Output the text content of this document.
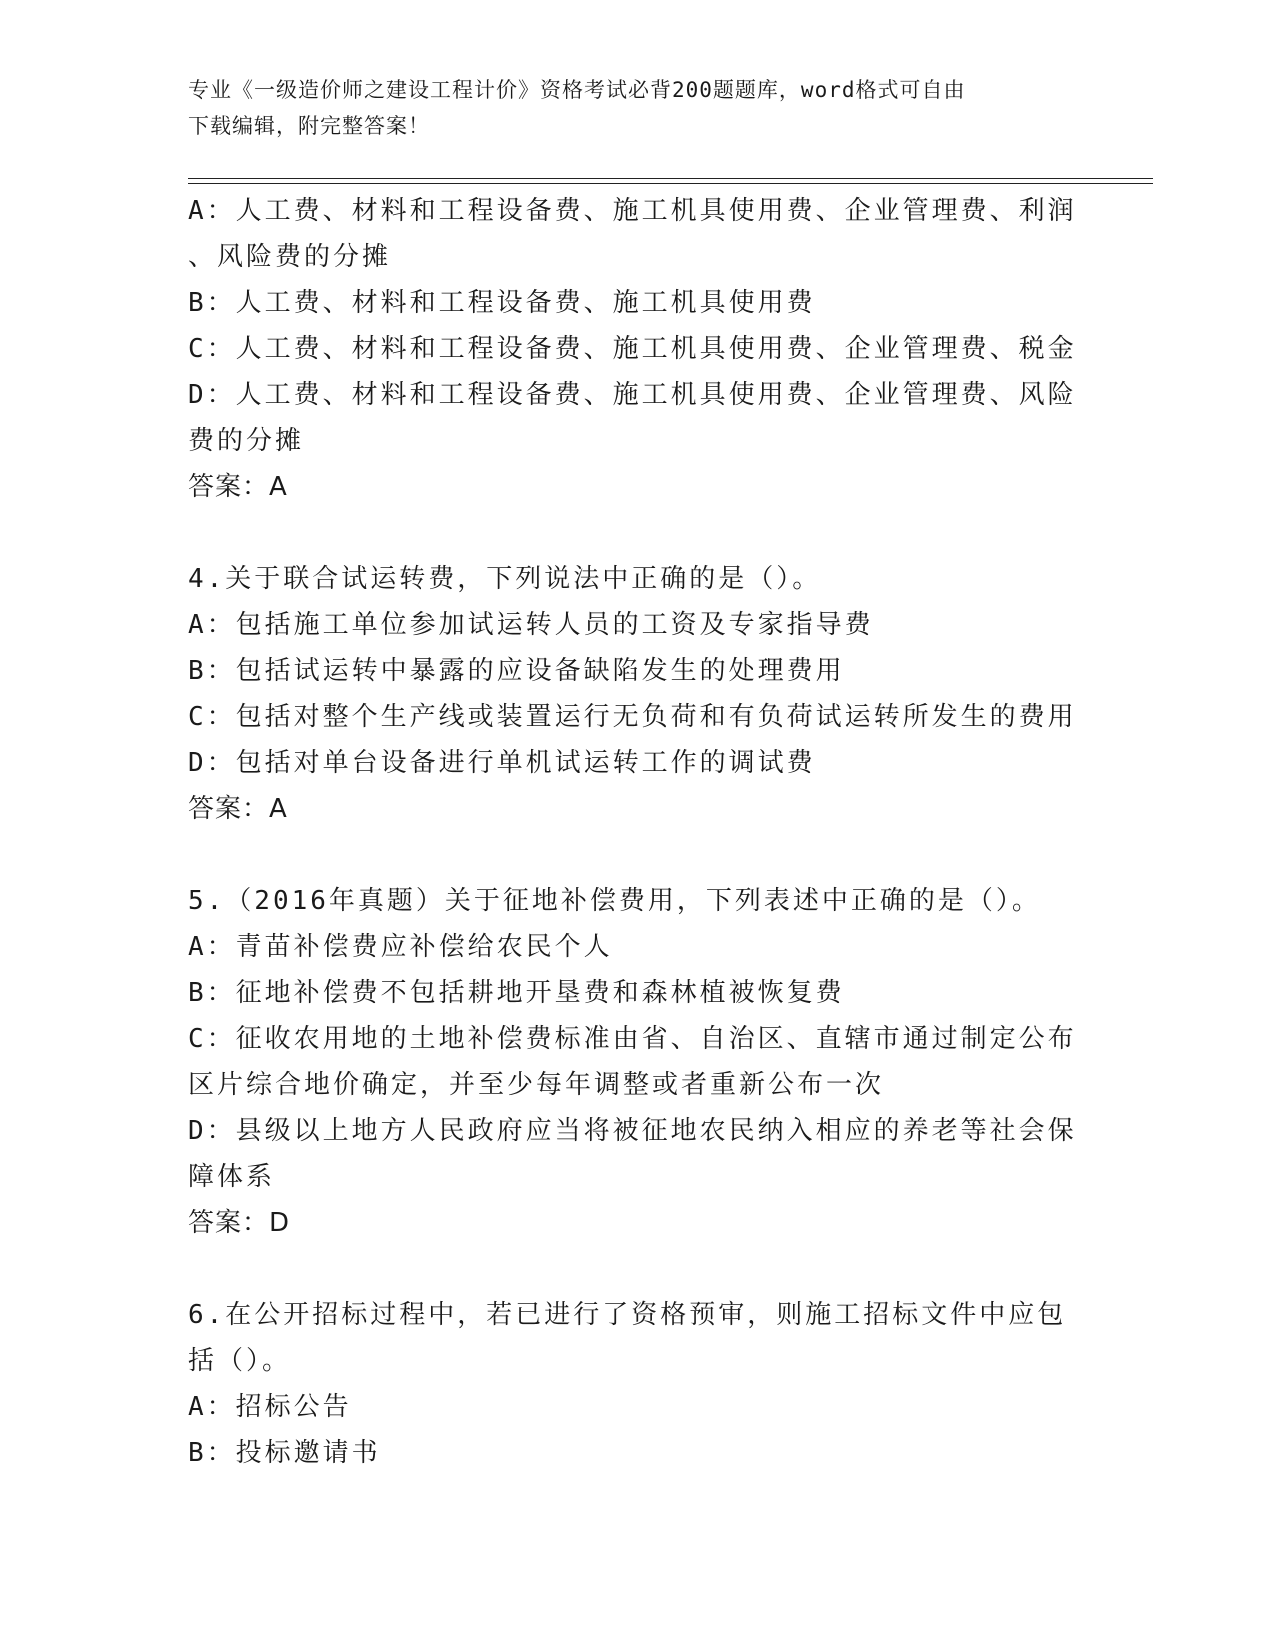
专业《一级造价师之建设工程计价》资格考试必背200题题库，word格式可自由
下载编辑，附完整答案！
A：人工费、材料和工程设备费、施工机具使用费、企业管理费、利润
、风险费的分摊
B：人工费、材料和工程设备费、施工机具使用费
C：人工费、材料和工程设备费、施工机具使用费、企业管理费、税金
D：人工费、材料和工程设备费、施工机具使用费、企业管理费、风险
费的分摊
答案：A
4.关于联合试运转费，下列说法中正确的是（）。
A：包括施工单位参加试运转人员的工资及专家指导费
B：包括试运转中暴露的应设备缺陷发生的处理费用
C：包括对整个生产线或装置运行无负荷和有负荷试运转所发生的费用
D：包括对单台设备进行单机试运转工作的调试费
答案：A
5.（2016年真题）关于征地补偿费用，下列表述中正确的是（）。
A：青苗补偿费应补偿给农民个人
B：征地补偿费不包括耕地开垦费和森林植被恢复费
C：征收农用地的土地补偿费标准由省、自治区、直辖市通过制定公布
区片综合地价确定，并至少每年调整或者重新公布一次
D：县级以上地方人民政府应当将被征地农民纳入相应的养老等社会保
障体系
答案：D
6.在公开招标过程中，若已进行了资格预审，则施工招标文件中应包
括（）。
A：招标公告
B：投标邀请书
